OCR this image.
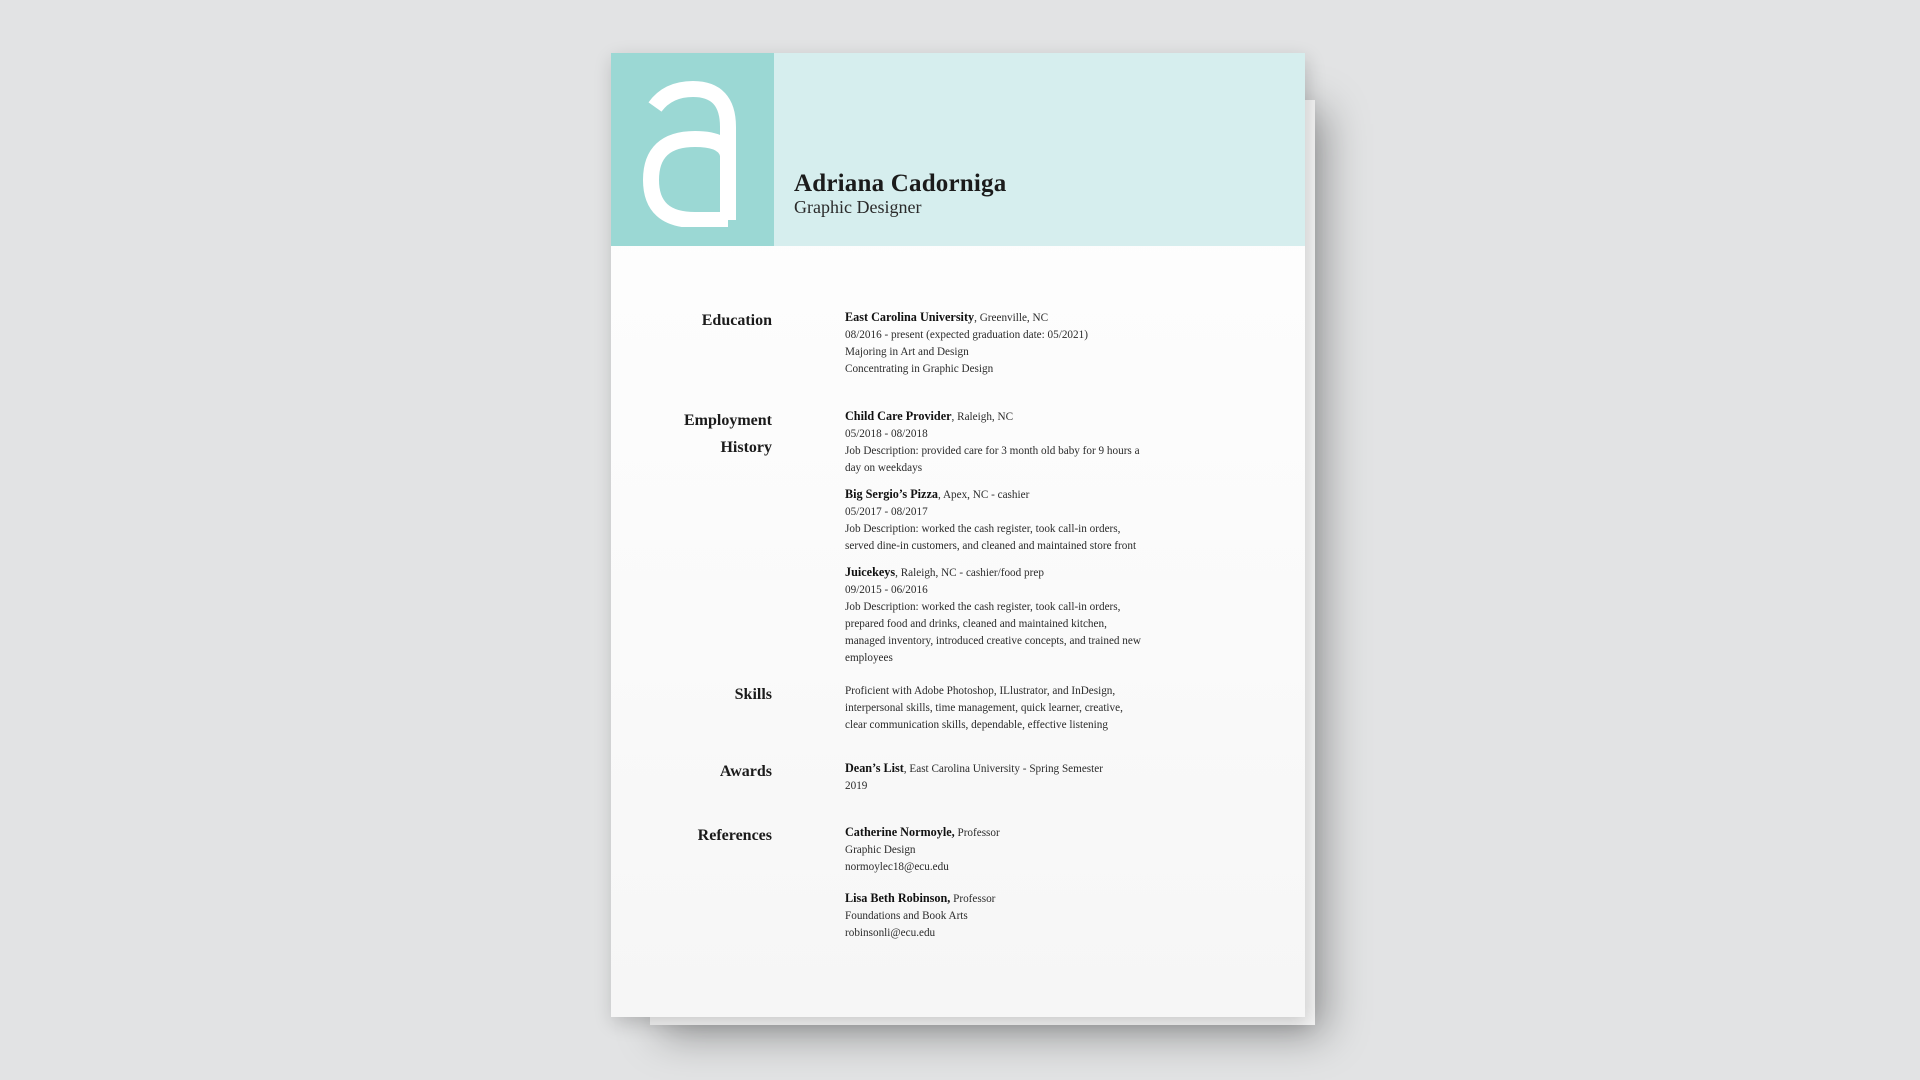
Adriana Cadorniga
Graphic Designer
Education	East Carolina University, Greenville, NC
08/2016 - present (expected graduation date: 05/2021)
Majoring in Art and Design
Concentrating in Graphic Design
Employment
History
Child Care Provider, Raleigh, NC
05/2018 - 08/2018
Job Description: provided care for 3 month old baby for 9 hours a
day on weekdays
Big Sergio’s Pizza, Apex, NC - cashier
05/2017 - 08/2017
Job Description: worked the cash register, took call-in orders,
served dine-in customers, and cleaned and maintained store front
Juicekeys, Raleigh, NC - cashier/food prep
09/2015 - 06/2016
Job Description: worked the cash register, took call-in orders,
prepared food and drinks, cleaned and maintained kitchen,
managed inventory, introduced creative concepts, and trained new
employees
Skills	Proficient with Adobe Photoshop, ILlustrator, and InDesign,
interpersonal skills, time management, quick learner, creative,
clear communication skills, dependable, effective listening
Awards	Dean’s List, East Carolina University - Spring Semester
2019
References	Catherine Normoyle, Professor
Graphic Design
normoylec18@ecu.edu
Lisa Beth Robinson, Professor
Foundations and Book Arts
robinsonli@ecu.edu
